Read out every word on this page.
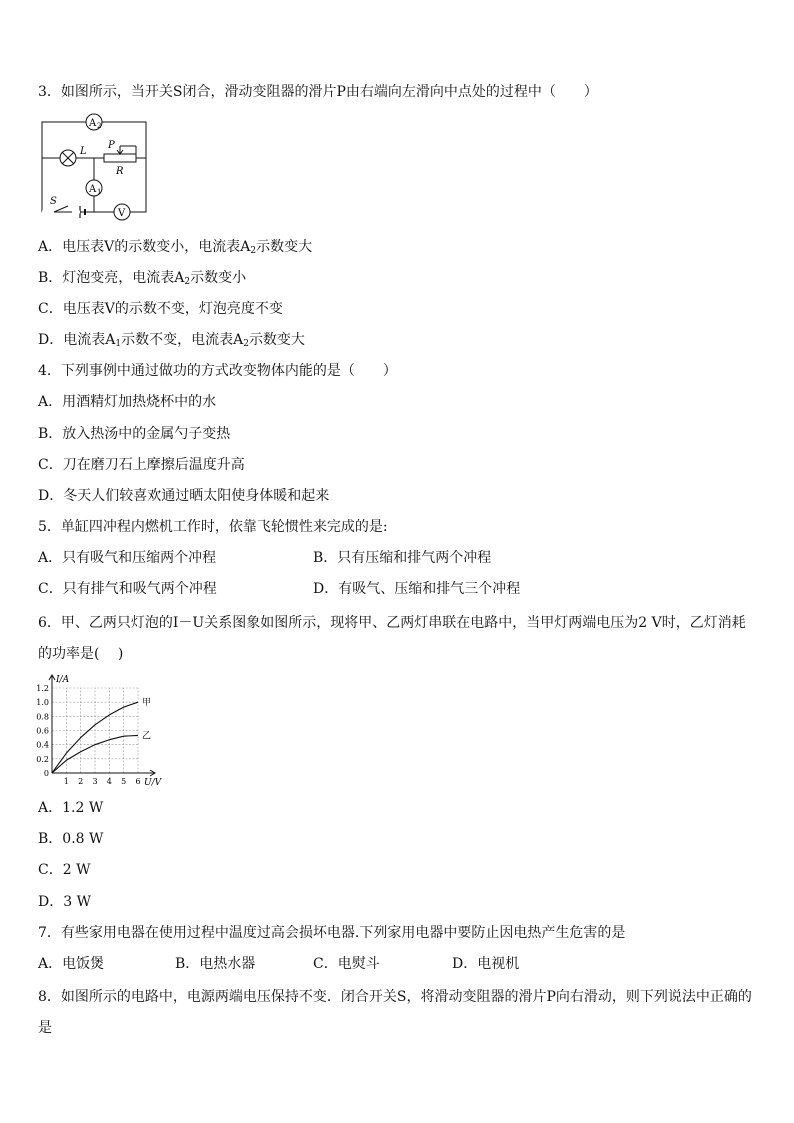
3．如图所示，当开关S闭合，滑动变阻器的滑片P由右端向左滑向中点处的过程中（　　）
A 2
A 1
V
L
P
R
S
A．电压表V的示数变小，电流表$A_2$示数变大
B．灯泡变亮，电流表$A_2$示数变小
C．电压表V的示数不变，灯泡亮度不变
D．电流表$A_1$示数不变，电流表$A_2$示数变大
4．下列事例中通过做功的方式改变物体内能的是（　　）
A．用酒精灯加热烧杯中的水
B．放入热汤中的金属勺子变热
C．刀在磨刀石上摩擦后温度升高
D．冬天人们较喜欢通过晒太阳使身体暖和起来
5．单缸四冲程内燃机工作时，依靠飞轮惯性来完成的是:
A．只有吸气和压缩两个冲程	B．只有压缩和排气两个冲程
C．只有排气和吸气两个冲程	D．有吸气、压缩和排气三个冲程
6．甲、乙两只灯泡的I－U关系图象如图所示，现将甲、乙两灯串联在电路中，当甲灯两端电压为2 V时，乙灯消耗
的功率是(　 )
1 2 3 4 5 6
0
0.2
0.4
0.6
0.8
1.0
1.2
U/V
I/A
甲
乙
A．1.2 W
B．0.8 W
C．2 W
D．3 W
7．有些家用电器在使用过程中温度过高会损坏电器.下列家用电器中要防止因电热产生危害的是
A．电饭煲	B．电热水器	C．电熨斗	D．电视机
8．如图所示的电路中，电源两端电压保持不变．闭合开关S，将滑动变阻器的滑片P向右滑动，则下列说法中正确的
是
